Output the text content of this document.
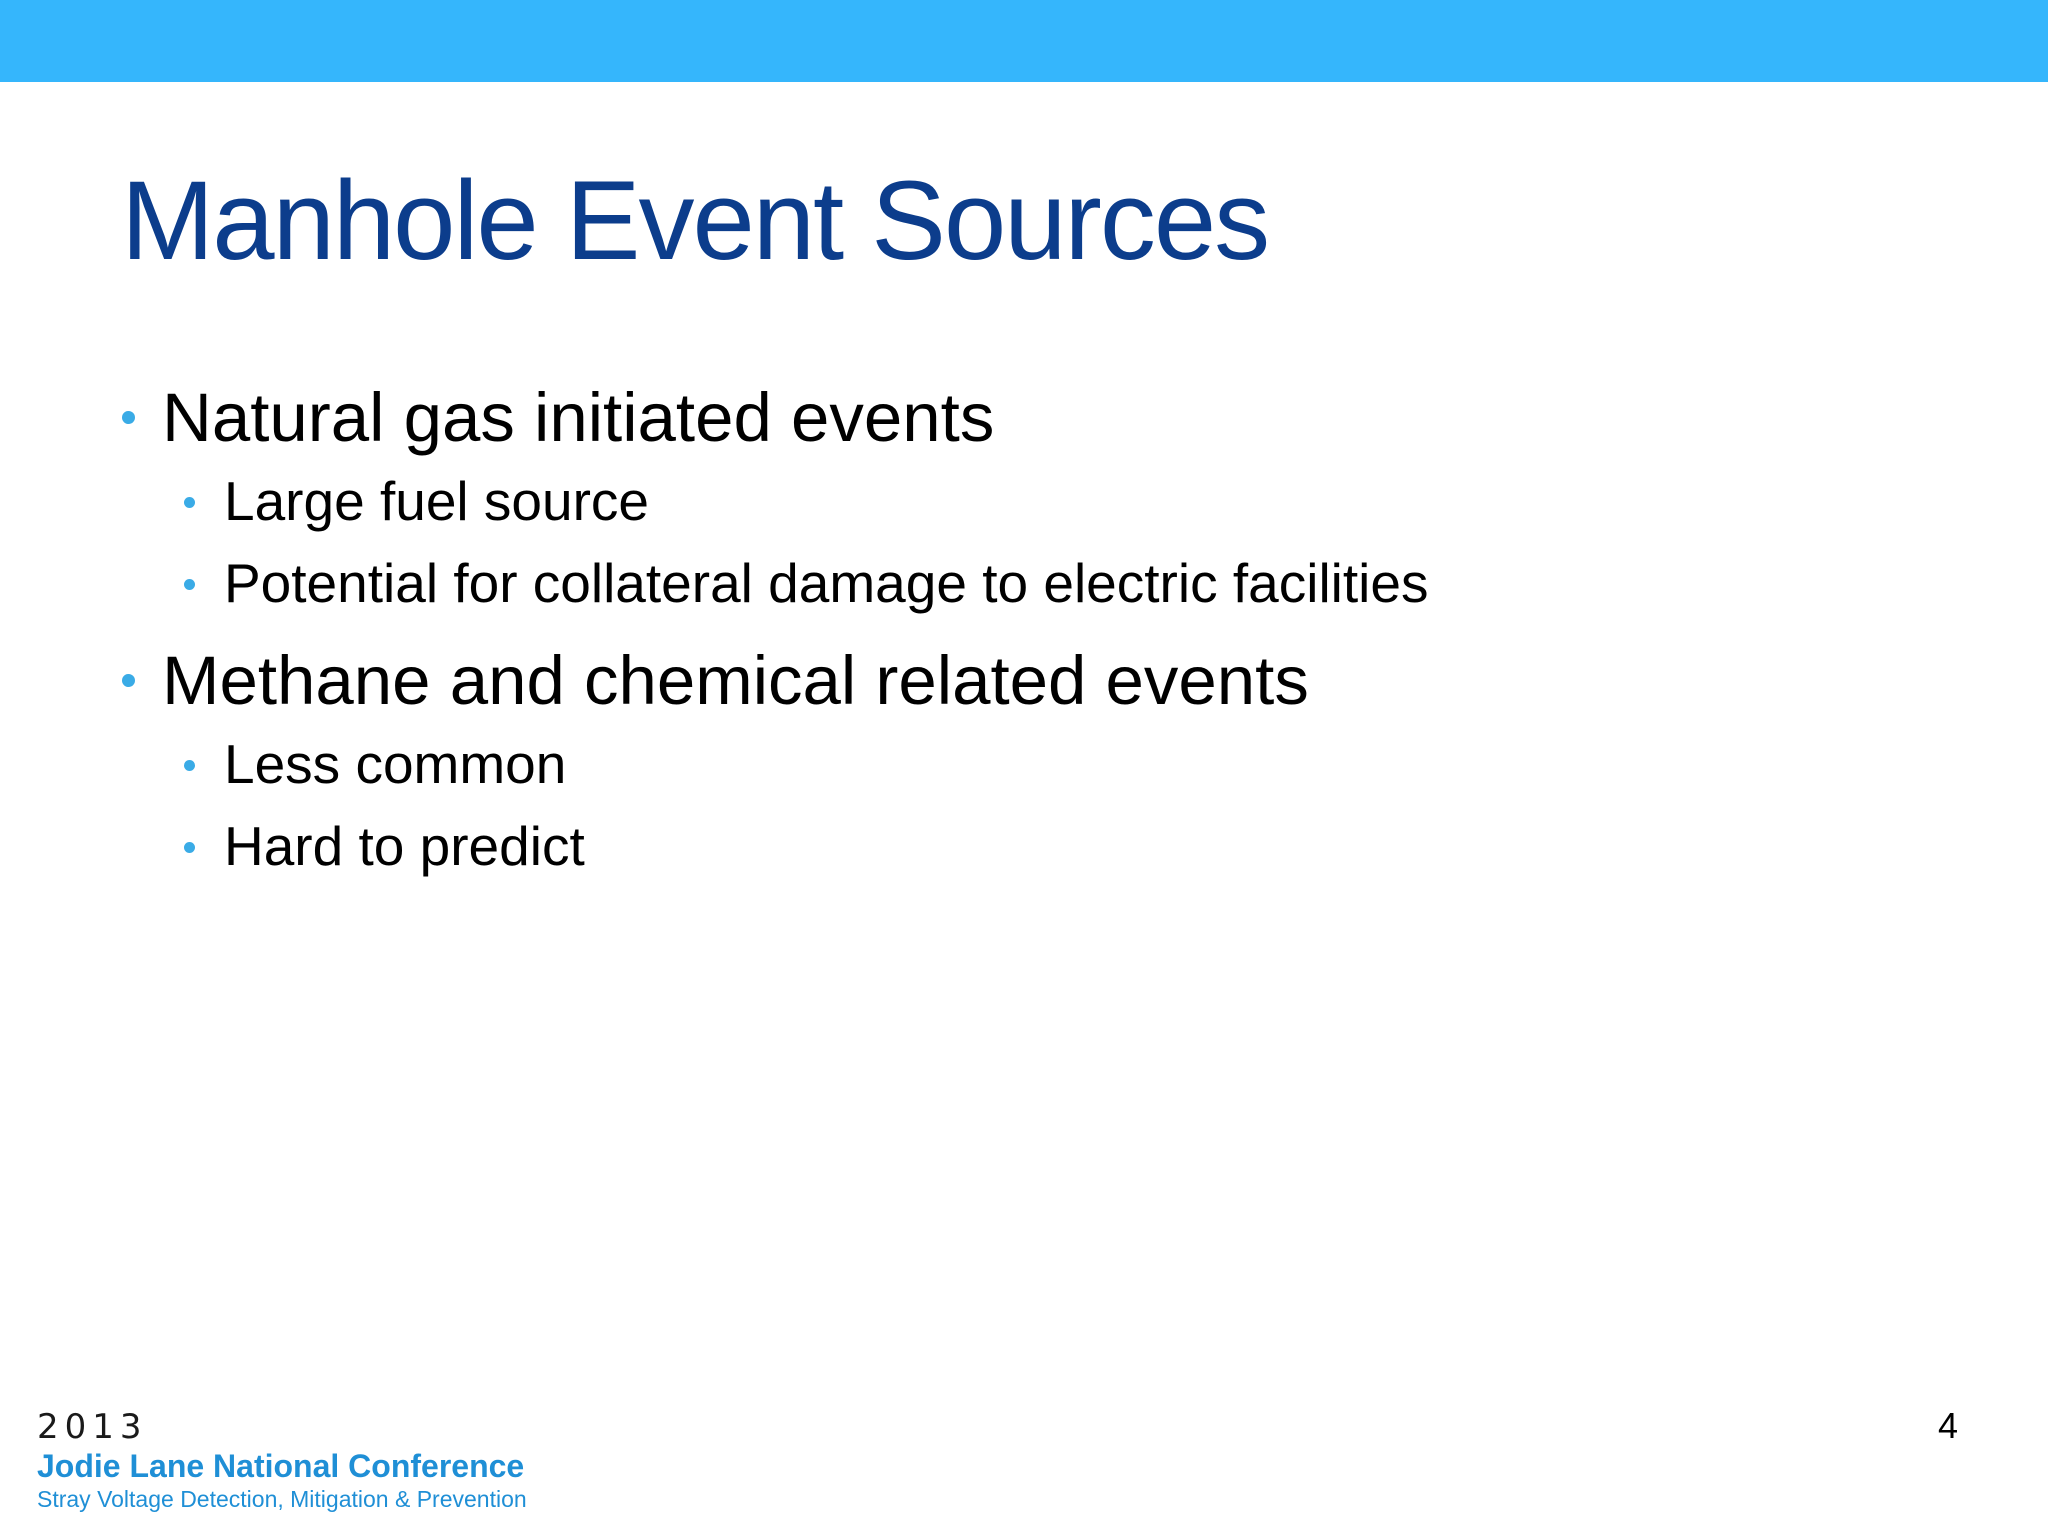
Manhole Event Sources
Natural gas initiated events
Large fuel source
Potential for collateral damage to electric facilities
Methane and chemical related events
Less common
Hard to predict
2013
Jodie Lane National Conference
Stray Voltage Detection, Mitigation & Prevention
4
